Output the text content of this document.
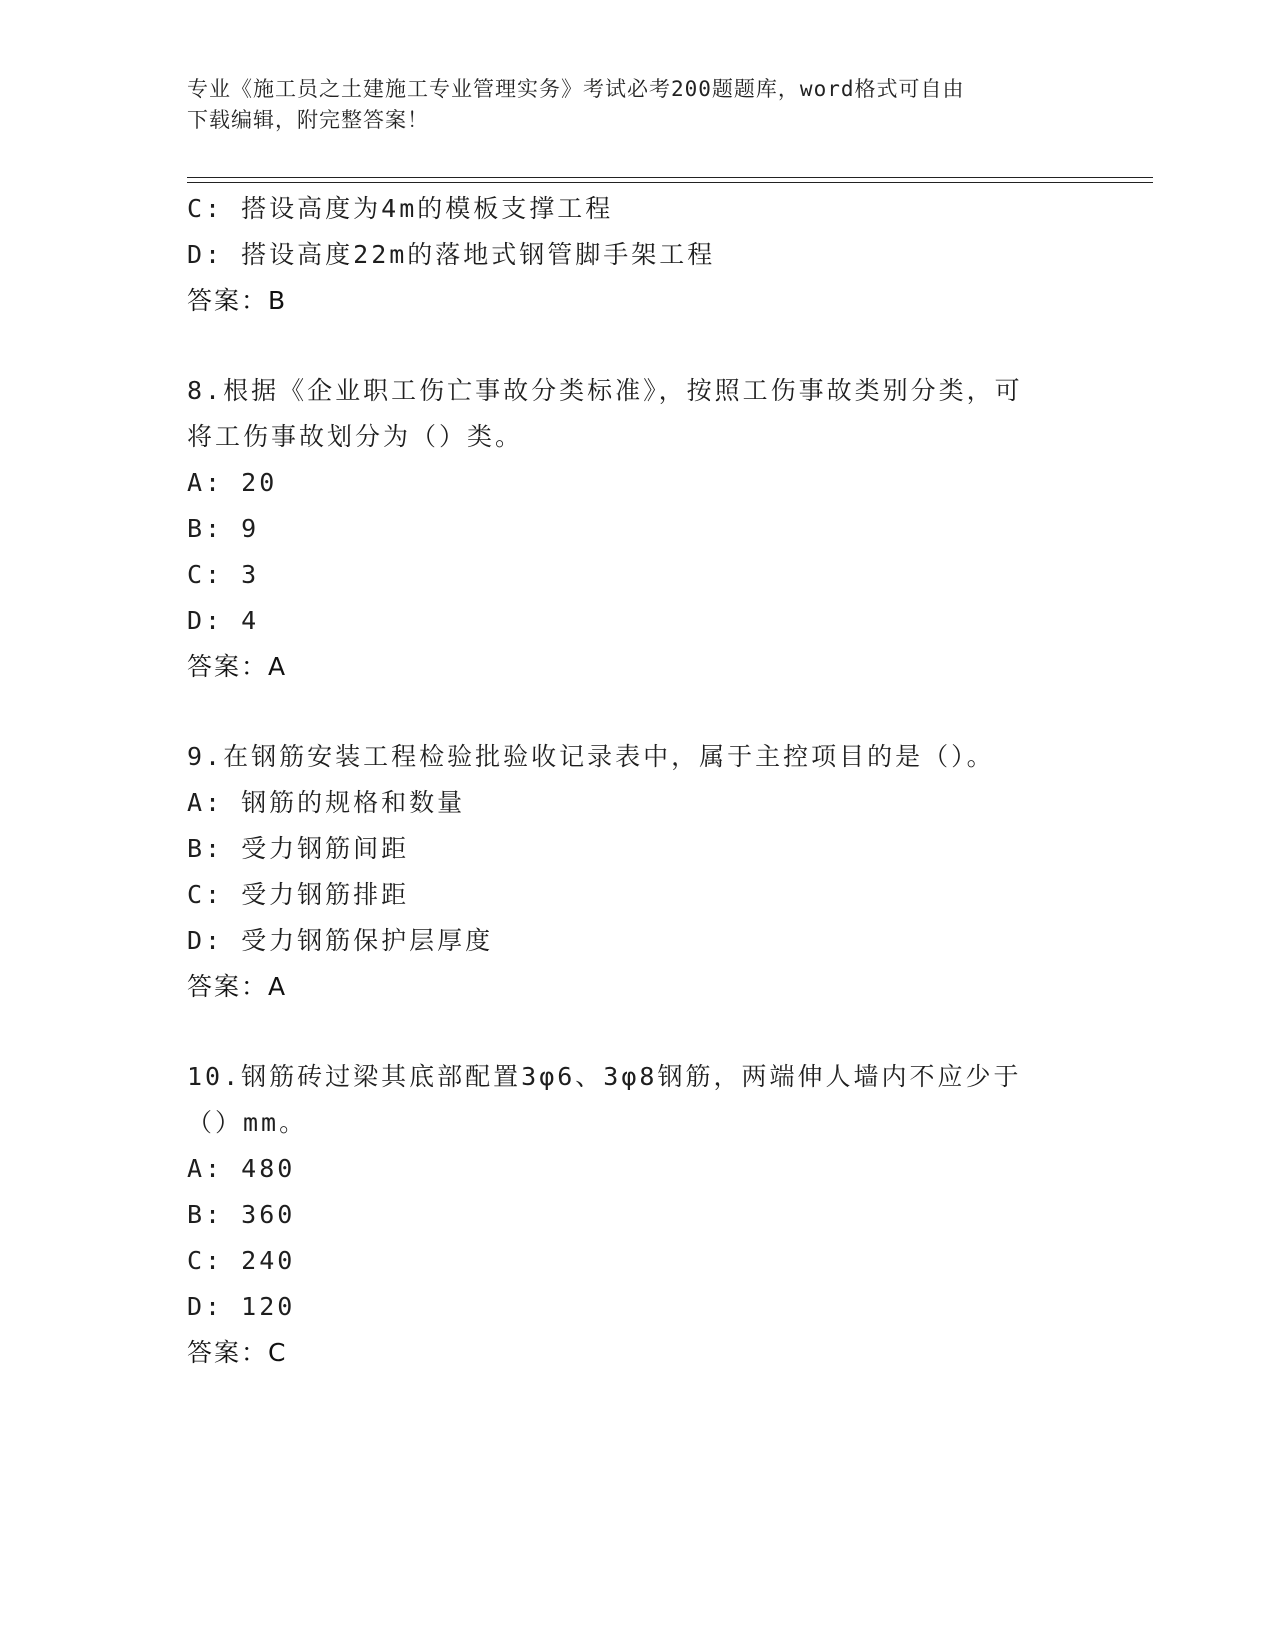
专业《施工员之土建施工专业管理实务》考试必考200题题库，word格式可自由
下载编辑，附完整答案！
C: 搭设高度为4m的模板支撑工程
D: 搭设高度22m的落地式钢管脚手架工程
答案：B
8.根据《企业职工伤亡事故分类标准》，按照工伤事故类别分类，可
将工伤事故划分为（）类。
A: 20
B: 9
C: 3
D: 4
答案：A
9.在钢筋安装工程检验批验收记录表中，属于主控项目的是（）。
A: 钢筋的规格和数量
B: 受力钢筋间距
C: 受力钢筋排距
D: 受力钢筋保护层厚度
答案：A
10.钢筋砖过梁其底部配置3φ6、3φ8钢筋，两端伸人墙内不应少于
（）mm。
A: 480
B: 360
C: 240
D: 120
答案：C
